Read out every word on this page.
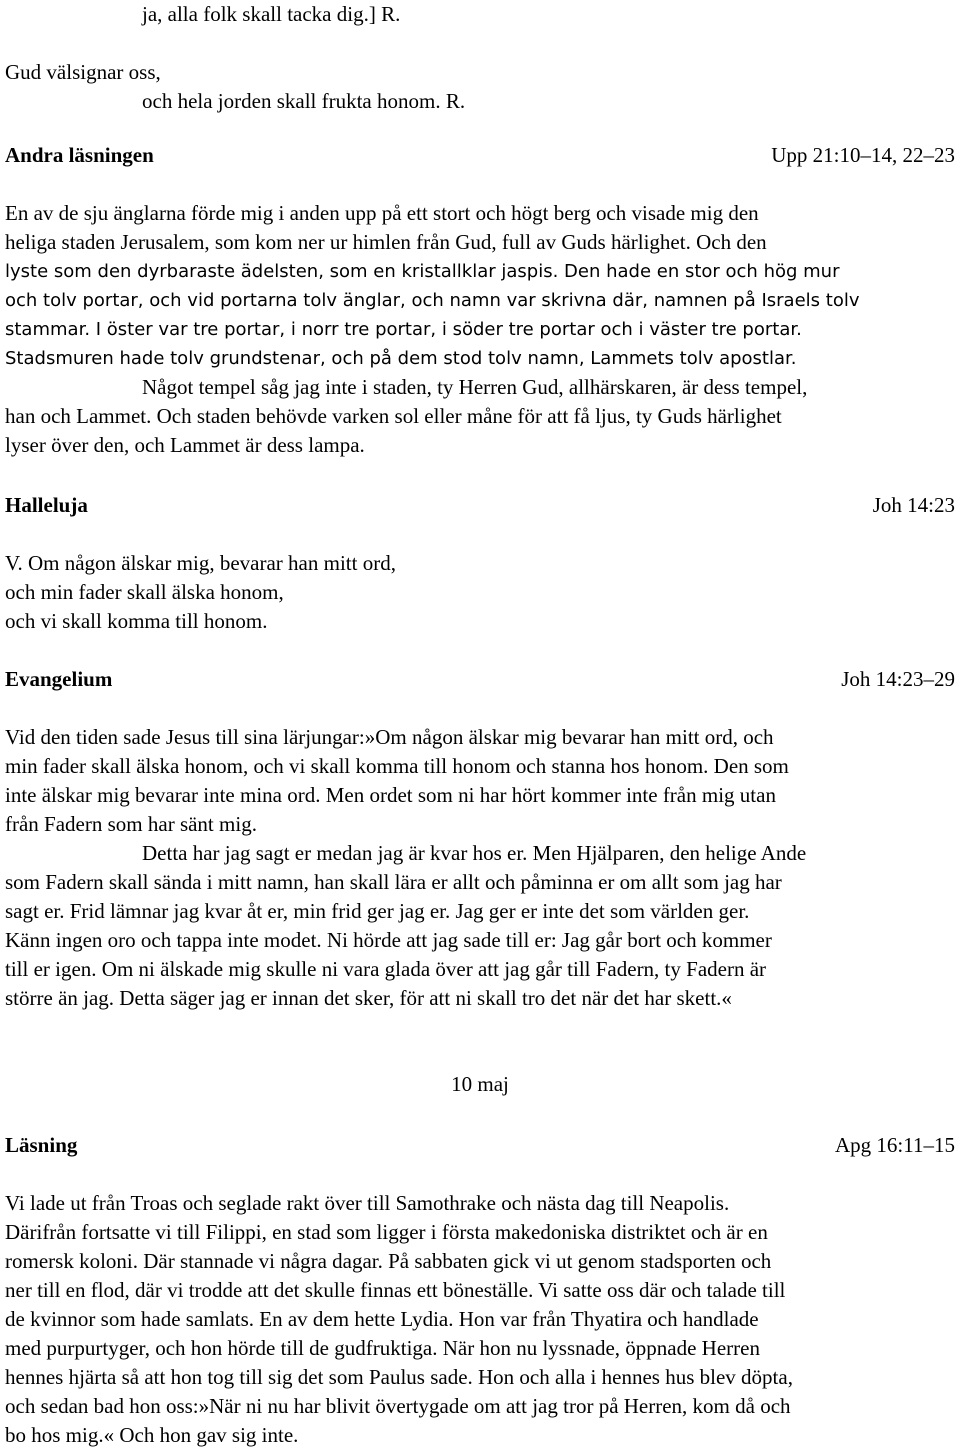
ja, alla folk skall tacka dig.] R.

Gud välsignar oss,

och hela jorden skall frukta honom. R.

Andra läsningen	Upp 21:10–14, 22–23

En av de sju änglarna förde mig i anden upp på ett stort och högt berg och visade mig den

heliga staden Jerusalem, som kom ner ur himlen från Gud, full av Guds härlighet. Och den

lyste som den dyrbaraste ädelsten, som en kristallklar jaspis. Den hade en stor och hög mur

och tolv portar, och vid portarna tolv änglar, och namn var skrivna där, namnen på Israels tolv

stammar. I öster var tre portar, i norr tre portar, i söder tre portar och i väster tre portar.

Stadsmuren hade tolv grundstenar, och på dem stod tolv namn, Lammets tolv apostlar.

Något tempel såg jag inte i staden, ty Herren Gud, allhärskaren, är dess tempel,

han och Lammet. Och staden behövde varken sol eller måne för att få ljus, ty Guds härlighet

lyser över den, och Lammet är dess lampa.

Halleluja	Joh 14:23

V. Om någon älskar mig, bevarar han mitt ord,

och min fader skall älska honom,

och vi skall komma till honom.

Evangelium	Joh 14:23–29

Vid den tiden sade Jesus till sina lärjungar:»Om någon älskar mig bevarar han mitt ord, och

min fader skall älska honom, och vi skall komma till honom och stanna hos honom. Den som

inte älskar mig bevarar inte mina ord. Men ordet som ni har hört kommer inte från mig utan

från Fadern som har sänt mig.

Detta har jag sagt er medan jag är kvar hos er. Men Hjälparen, den helige Ande

som Fadern skall sända i mitt namn, han skall lära er allt och påminna er om allt som jag har

sagt er. Frid lämnar jag kvar åt er, min frid ger jag er. Jag ger er inte det som världen ger.

Känn ingen oro och tappa inte modet. Ni hörde att jag sade till er: Jag går bort och kommer

till er igen. Om ni älskade mig skulle ni vara glada över att jag går till Fadern, ty Fadern är

större än jag. Detta säger jag er innan det sker, för att ni skall tro det när det har skett.«

10 maj
Läsning	Apg 16:11–15

Vi lade ut från Troas och seglade rakt över till Samothrake och nästa dag till Neapolis.

Därifrån fortsatte vi till Filippi, en stad som ligger i första makedoniska distriktet och är en

romersk koloni. Där stannade vi några dagar. På sabbaten gick vi ut genom stadsporten och

ner till en flod, där vi trodde att det skulle finnas ett böneställe. Vi satte oss där och talade till

de kvinnor som hade samlats. En av dem hette Lydia. Hon var från Thyatira och handlade

med purpurtyger, och hon hörde till de gudfruktiga. När hon nu lyssnade, öppnade Herren

hennes hjärta så att hon tog till sig det som Paulus sade. Hon och alla i hennes hus blev döpta,

och sedan bad hon oss:»När ni nu har blivit övertygade om att jag tror på Herren, kom då och

bo hos mig.« Och hon gav sig inte.
